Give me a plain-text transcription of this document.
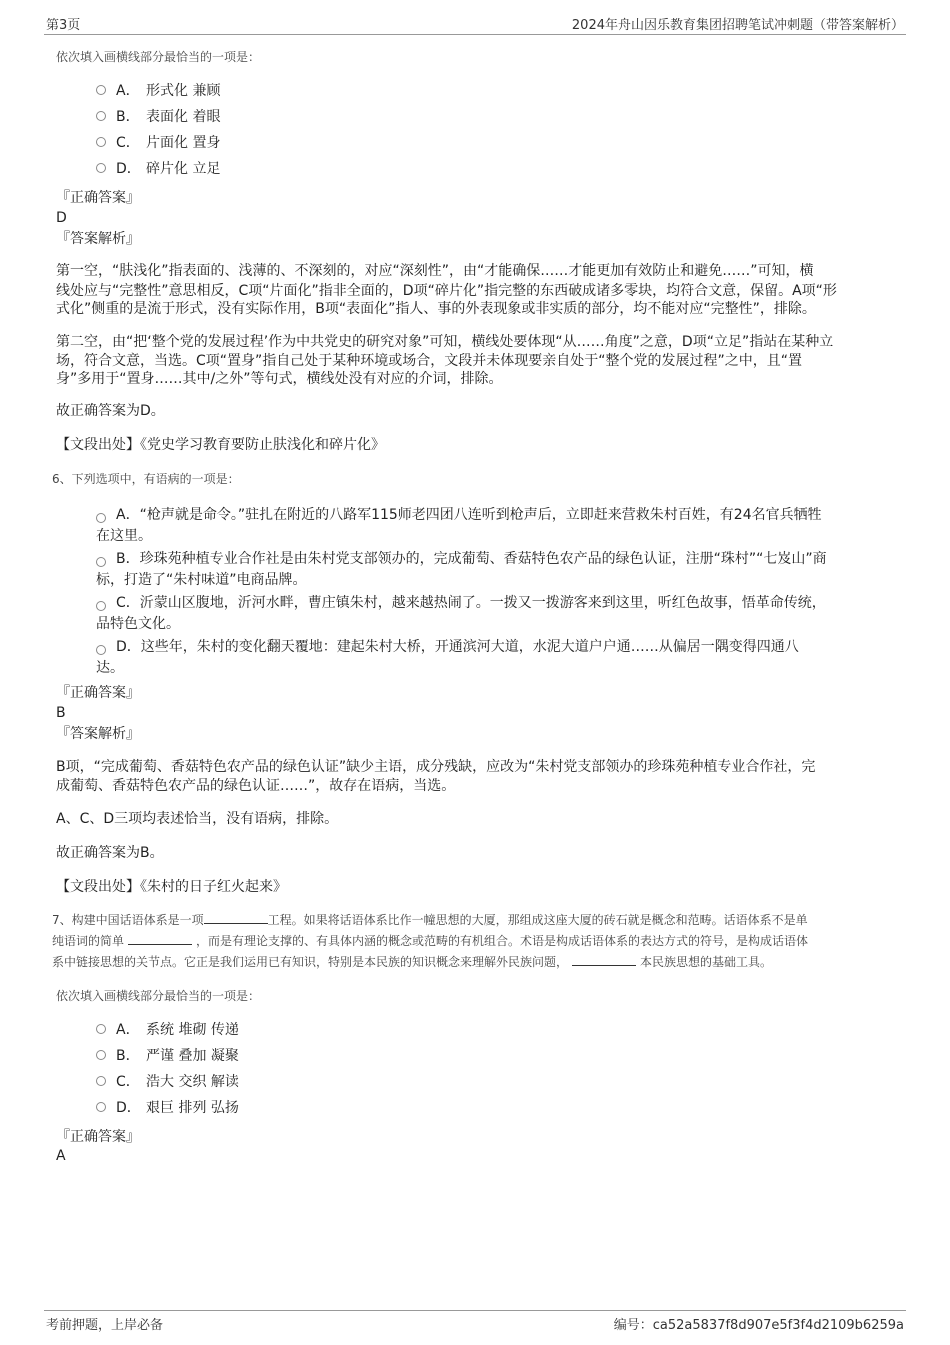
第3页	2024年舟山因乐教育集团招聘笔试冲刺题（带答案解析）
依次填入画横线部分最恰当的一项是：
A． 形式化 兼顾
B． 表面化 着眼
C． 片面化 置身
D． 碎片化 立足
『正确答案』
D
『答案解析』
第一空，“肤浅化”指表面的、浅薄的、不深刻的，对应“深刻性”，由“才能确保……才能更加有效防止和避免……”可知，横
线处应与“完整性”意思相反，C项“片面化”指非全面的，D项“碎片化”指完整的东西破成诸多零块，均符合文意，保留。A项“形
式化”侧重的是流于形式，没有实际作用，B项“表面化”指人、事的外表现象或非实质的部分，均不能对应“完整性”，排除。
第二空，由“把‘整个党的发展过程’作为中共党史的研究对象”可知，横线处要体现“从……角度”之意，D项“立足”指站在某种立
场，符合文意，当选。C项“置身”指自己处于某种环境或场合，文段并未体现要亲自处于“整个党的发展过程”之中，且“置
身”多用于“置身……其中/之外”等句式，横线处没有对应的介词，排除。
故正确答案为D。
【文段出处】《党史学习教育要防止肤浅化和碎片化》
6、下列选项中，有语病的一项是：
A．“枪声就是命令。”驻扎在附近的八路军115师老四团八连听到枪声后，立即赶来营救朱村百姓，有24名官兵牺牲
在这里。
B．珍珠苑种植专业合作社是由朱村党支部领办的，完成葡萄、香菇特色农产品的绿色认证，注册“珠村”“七岌山”商
标，打造了“朱村味道”电商品牌。
C．沂蒙山区腹地，沂河水畔，曹庄镇朱村，越来越热闹了。一拨又一拨游客来到这里，听红色故事，悟革命传统，
品特色文化。
D．这些年，朱村的变化翻天覆地：建起朱村大桥，开通滨河大道，水泥大道户户通……从偏居一隅变得四通八
达。
『正确答案』
B
『答案解析』
B项，“完成葡萄、香菇特色农产品的绿色认证”缺少主语，成分残缺，应改为“朱村党支部领办的珍珠苑种植专业合作社，完
成葡萄、香菇特色农产品的绿色认证……”，故存在语病，当选。
A、C、D三项均表述恰当，没有语病，排除。
故正确答案为B。
【文段出处】《朱村的日子红火起来》
7、构建中国话语体系是一项	工程。如果将话语体系比作一幢思想的大厦，那组成这座大厦的砖石就是概念和范畴。话语体系不是单
纯语词的简单	，而是有理论支撑的、有具体内涵的概念或范畴的有机组合。术语是构成话语体系的表达方式的符号，是构成话语体
系中链接思想的关节点。它正是我们运用已有知识，特别是本民族的知识概念来理解外民族问题，	本民族思想的基础工具。
依次填入画横线部分最恰当的一项是：
A． 系统 堆砌 传递
B． 严谨 叠加 凝聚
C． 浩大 交织 解读
D． 艰巨 排列 弘扬
『正确答案』
A
考前押题，上岸必备	编号：ca52a5837f8d907e5f3f4d2109b6259a
